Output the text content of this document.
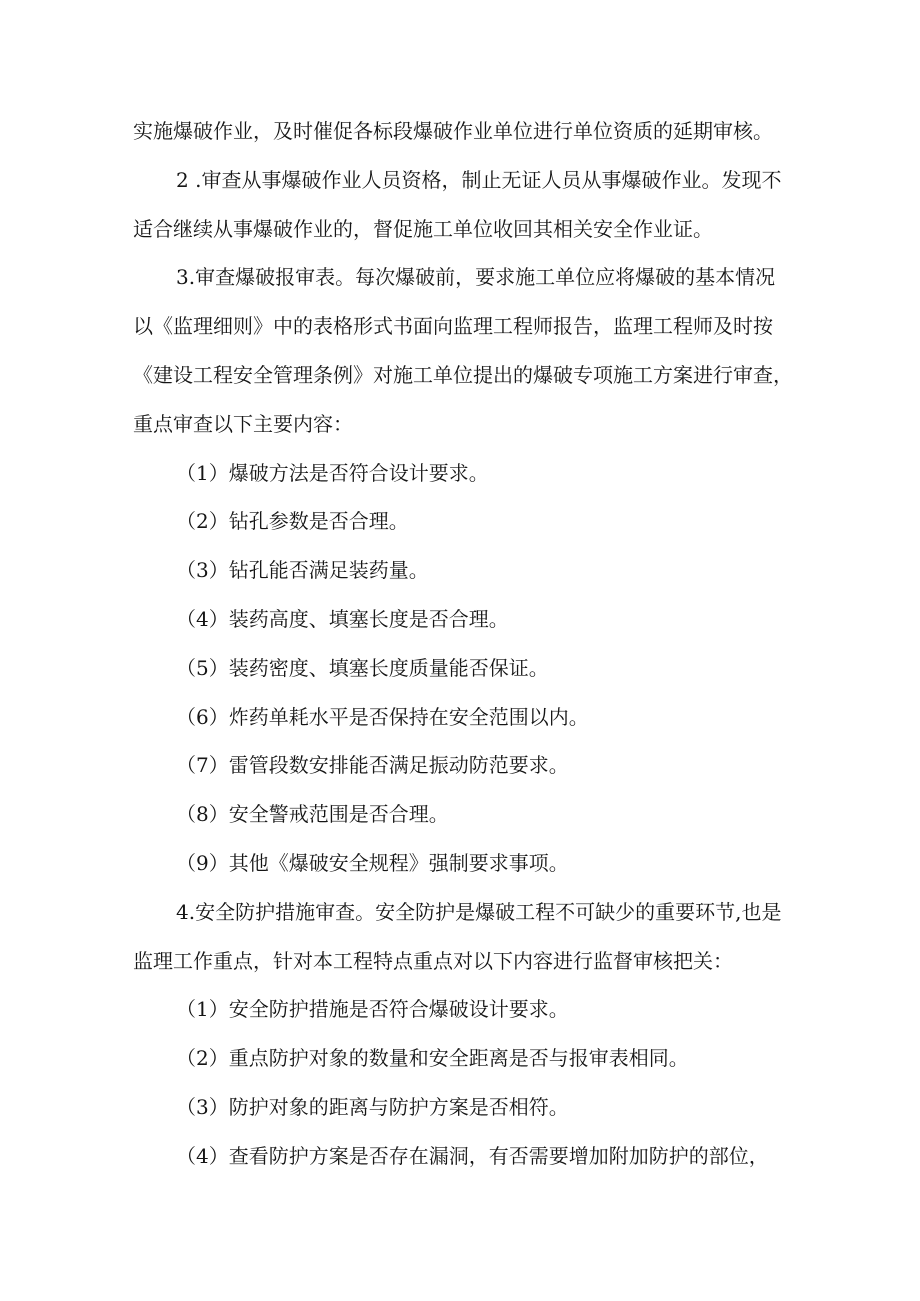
实施爆破作业，及时催促各标段爆破作业单位进行单位资质的延期审核。
2 .审查从事爆破作业人员资格，制止无证人员从事爆破作业。发现不
适合继续从事爆破作业的，督促施工单位收回其相关安全作业证。
3.审查爆破报审表。每次爆破前，要求施工单位应将爆破的基本情况
以《监理细则》中的表格形式书面向监理工程师报告，监理工程师及时按
《建设工程安全管理条例》对施工单位提出的爆破专项施工方案进行审查，
重点审查以下主要内容：
（1）爆破方法是否符合设计要求。
（2）钻孔参数是否合理。
（3）钻孔能否满足装药量。
（4）装药高度、填塞长度是否合理。
（5）装药密度、填塞长度质量能否保证。
（6）炸药单耗水平是否保持在安全范围以内。
（7）雷管段数安排能否满足振动防范要求。
（8）安全警戒范围是否合理。
（9）其他《爆破安全规程》强制要求事项。
4.安全防护措施审查。安全防护是爆破工程不可缺少的重要环节,也是
监理工作重点，针对本工程特点重点对以下内容进行监督审核把关：
（1）安全防护措施是否符合爆破设计要求。
（2）重点防护对象的数量和安全距离是否与报审表相同。
（3）防护对象的距离与防护方案是否相符。
（4）查看防护方案是否存在漏洞，有否需要增加附加防护的部位，
